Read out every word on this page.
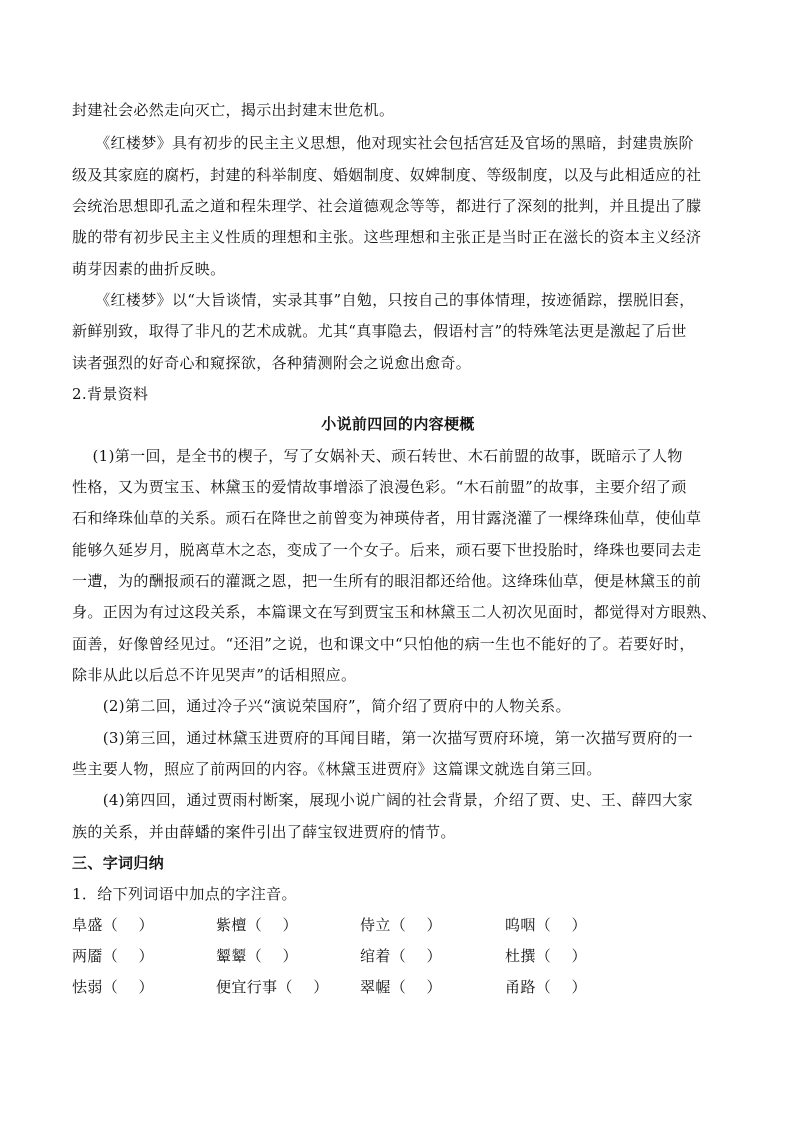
封建社会必然走向灭亡，揭示出封建末世危机。
　　《红楼梦》具有初步的民主主义思想，他对现实社会包括宫廷及官场的黑暗，封建贵族阶
级及其家庭的腐朽，封建的科举制度、婚姻制度、奴婢制度、等级制度，以及与此相适应的社
会统治思想即孔孟之道和程朱理学、社会道德观念等等，都进行了深刻的批判，并且提出了朦
胧的带有初步民主主义性质的理想和主张。这些理想和主张正是当时正在滋长的资本主义经济
萌芽因素的曲折反映。
　　《红楼梦》以“大旨谈情，实录其事”自勉，只按自己的事体情理，按迹循踪，摆脱旧套，
新鲜别致，取得了非凡的艺术成就。尤其“真事隐去，假语村言”的特殊笔法更是激起了后世
读者强烈的好奇心和窥探欲，各种猜测附会之说愈出愈奇。
2.背景资料
小说前四回的内容梗概
　 (1)第一回，是全书的楔子，写了女娲补天、顽石转世、木石前盟的故事，既暗示了人物
性格，又为贾宝玉、林黛玉的爱情故事增添了浪漫色彩。“木石前盟”的故事，主要介绍了顽
石和绛珠仙草的关系。顽石在降世之前曾变为神瑛侍者，用甘露浇灌了一棵绛珠仙草，使仙草
能够久延岁月，脱离草木之态，变成了一个女子。后来，顽石要下世投胎时，绛珠也要同去走
一遭，为的酬报顽石的灌溉之恩，把一生所有的眼泪都还给他。这绛珠仙草，便是林黛玉的前
身。正因为有过这段关系，本篇课文在写到贾宝玉和林黛玉二人初次见面时，都觉得对方眼熟、
面善，好像曾经见过。“还泪”之说，也和课文中“只怕他的病一生也不能好的了。若要好时，
除非从此以后总不许见哭声”的话相照应。
　　(2)第二回，通过冷子兴“演说荣国府”，简介绍了贾府中的人物关系。
　　(3)第三回，通过林黛玉进贾府的耳闻目睹，第一次描写贾府环境，第一次描写贾府的一
些主要人物，照应了前两回的内容。《林黛玉进贾府》这篇课文就选自第三回。
　　(4)第四回，通过贾雨村断案，展现小说广阔的社会背景，介绍了贾、史、王、薛四大家
族的关系，并由薛蟠的案件引出了薛宝钗进贾府的情节。
三、字词归纳
1．给下列词语中加点的字注音。
阜盛（　 ）	紫檀（　 ）	侍立（　 ）	呜咽（　 ）
两靥（　 ）	颦颦（　 ）	绾着（　 ）	杜撰（　 ）
怯弱（　 ）	便宜行事（　 ） 翠幄（　 ）	甬路（　 ）
